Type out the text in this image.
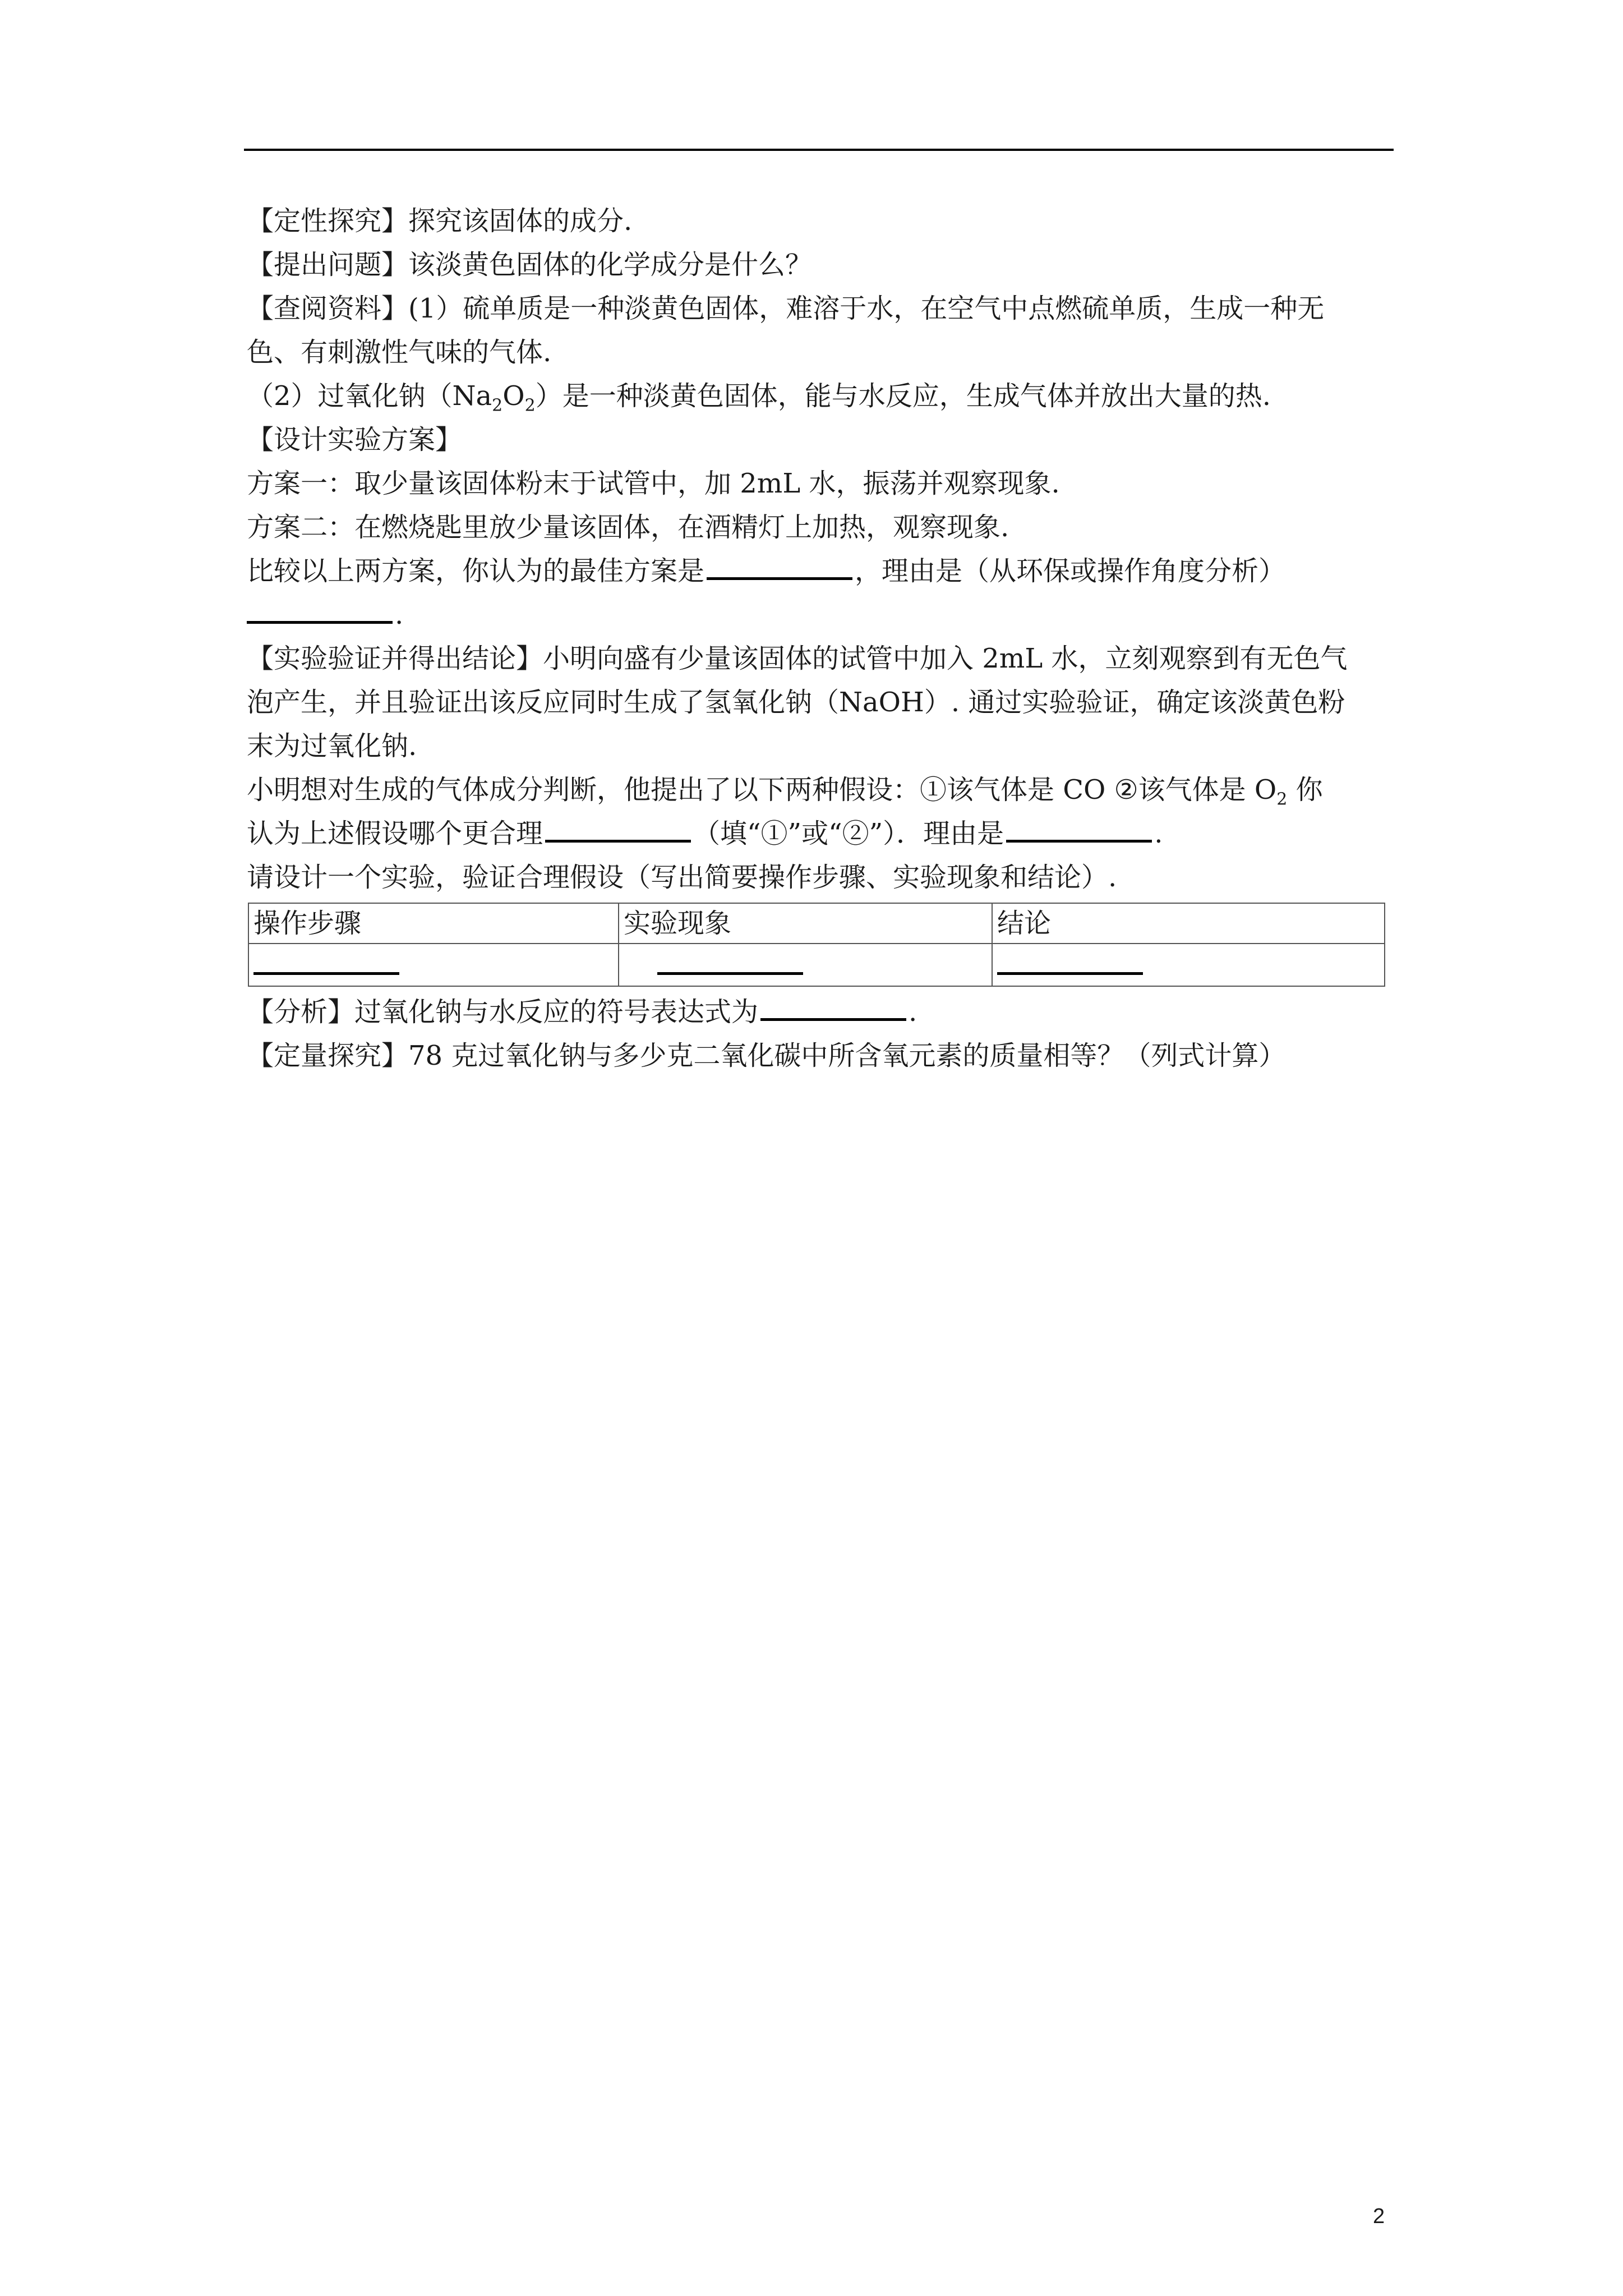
【定性探究】探究该固体的成分.
【提出问题】该淡黄色固体的化学成分是什么？
【查阅资料】(1）硫单质是一种淡黄色固体，难溶于水，在空气中点燃硫单质，生成一种无
色、有刺激性气味的气体.
（2）过氧化钠$(Na_2O_2)$是一种淡黄色固体，能与水反应，生成气体并放出大量的热.
【设计实验方案】
方案一：取少量该固体粉末于试管中，加 2mL 水，振荡并观察现象.
方案二：在燃烧匙里放少量该固体，在酒精灯上加热，观察现象.
比较以上两方案，你认为的最佳方案是	，理由是（从环保或操作角度分析）
.
【实验验证并得出结论】小明向盛有少量该固体的试管中加入 2mL 水，立刻观察到有无色气
泡产生，并且验证出该反应同时生成了氢氧化钠（NaOH）. 通过实验验证，确定该淡黄色粉
末为过氧化钠.
小明想对生成的气体成分判断，他提出了以下两种假设：①该气体是 CO ②该气体是 $O_2$ 你
认为上述假设哪个更合理	（填“①”或“②”）．理由是	.
请设计一个实验，验证合理假设（写出简要操作步骤、实验现象和结论）.
操作步骤	实验现象	结论

【分析】过氧化钠与水反应的符号表达式为	.
【定量探究】78 克过氧化钠与多少克二氧化碳中所含氧元素的质量相等？（列式计算）
2
